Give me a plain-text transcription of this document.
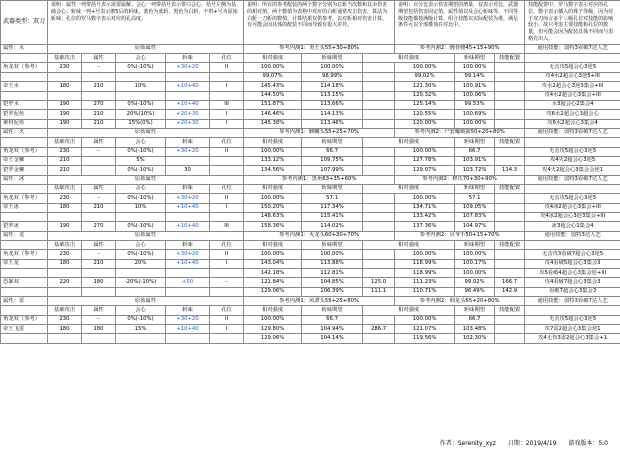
武器类型：双刀	说明：属性一列带括号表示需要属解；会心一列带括号表示带白会心，括号左侧为基础会心；斩味一列+号表示磨5后的斩味，蓝色为蓝斩，黑色为白斩，不带+号为原始斩味；孔位的罗马数字表示对应的孔高度。					说明：所有的参考配装的两个数字分别为总斩当次数和其余伤害的相对值，两个数值为表格中对应的白斩通常攻击伤害，算法为白斩一刀斩的数值，计算结果仅供参考，以对斩相对伤害计算，有可能会因具体的配装不同而导致有很大差异。			说明：百分比表示伤害期望的增量，仅表示对比，武器期望包括伤害固定值，属性值以及会心斩味等，不同等级技能都按满级计算，组合技能以实际配装为准，满足条件可以全部叠加在对比中。			技能配置中，罗马数字表示对应的孔位，数字表示插入的珠子等级，因为对于双刀而言多个三级孔位对技能的影响较小，故只考虑主要技能和孔位的数量，但可能会因为配装具体不同而与表格有出入。
属性：水	原始属性					参考内测1：炎王头55+30+80%			参考内测2：缠骨腰45+15+90%			通用技能：弱特3看破7达人艺
	基础攻击	属性	会心	斩味	孔位	相对强度	斩味期望	相对强度		斩味期望	技能配置	
角龙双（参考）	230	–	0%(-10%)	+30+20	II	100.00%	100.00%		100.00%	100.00%		无击攻5超会心3逆5
						99.07%	98.99%		99.02%	99.14%		攻4水2超会心3逆5+III
帝王水	180	210	10%	+10+40	I	145.43%	114.18%		121.30%	100.91%		攻水2超会心3逆3集会+III
						144.50%	113.15%		120.32%	100.06%		攻4水2超会心3集会+III
铠罗水	190	270	0%(-10%)	+10+40	III	151.87%	113.66%		125.14%	99.53%		水3超会心2集会4
铠罗泥鱼	190	210	20%(10%)	+20+30	I	146.46%	114.13%		120.55%	100.69%		攻6水2超会心3超会心
素材泥鱼	190	210	15%(0%)	+20+30	I	145.38%	113.46%		120.00%	100.00%		攻6水2超会心3集会4
属性：火	原始属性					参考内测1：麒麟头55+25+70%			参考内测2：尸套魔破箭50+20+80%			通用技能：弱特3看破7达人艺
	基础攻击	属性	会心	斩味	孔位	相对强度	斩味期望	相对强度		斩味期望	技能配置	
角龙双（参考）	230	–	0%(-10%)	+30+20	II	100.00%	66.7		100.00%	66.7		无击攻5超会心3逆5
帝王金狮	210		5%			133.12%	109.75%		127.78%	103.91%		攻4火2超会心3逆5
铠罗金狮	210		0%(-10%)	30		134.56%	107.99%		129.07%	103.72%	114.3	攻4火2超会心3集会会逆1
属性：冰	原始属性					参考内测1：黑角63+35+60%			参考内测2：修爪70+30+90%			通用技能：弱特3看破7达人艺
	基础攻击	属性	会心	斩味	孔位	相对强度	斩味期望	相对强度		斩味期望	技能配置	
角龙双（参考）	230	–	0%(-10%)	+30+20	II	100.00%	57.1		100.00%	57.1		无击攻5超会心3逆5
帝王冰	180	210	10%	+10+40	I	150.20%	117.34%		134.71%	109.05%		攻4冰2超会心3集会+III
						148.63%	115.41%		133.42%	107.83%		攻4冰2超会心3逆3集会+III
铠罗冰	190	270	0%(-10%)	+10+40	III	158.36%	114.02%		137.36%	104.97%		冰3超会心1集会4
属性：龙	原始属性					参考内测1：火龙头60+30+70%			参考内测2：贝爷手50+15+70%			通用技能：弱特3达人艺
	基础攻击	属性	会心	斩味	孔位	相对强度	斩味期望	相对强度		斩味期望	技能配置	
角龙双（参考）	230	–	0%(-10%)	+30+20	II	100.00%	100.00%		100.00%	100.00%		无击攻3看破7超会心3逆5
帝王龙	180	210	20%	+10+40	I	143.04%	113.88%		118.99%	100.17%		攻4看破5超会心3集会3
						142.18%	112.81%		118.99%	100.00%		攻5看破4超会心3集会逆+III
恐暴双	220	180	-20%(-10%)	+50	–	121.84%	104.85%	125.0	111.23%	99.02%	166.7	攻4看破7超会心3集会3
						129.06%	106.39%	111.1	110.71%	96.49%	142.9	看破7超会心3集会3
属性：雷	原始属性					参考内测1：风漂头55+25+80%			参考内测2：钢龙头55+20+80%			通用技能：弱特3看破7达人艺
	基础攻击	属性	会心	斩味	孔位	相对强度	斩味期望	相对强度		斩味期望	技能配置	
角龙双（参考）	230	–	0%(-10%)	+30+20	II	100.00%	66.7		100.00%	66.7		无击攻5超会心3逆5
帝王飞雷	180	180	15%	+10+40	I	129.80%	104.94%	286.7	121.07%	103.48%		攻7雷2超会心3集会逆1
						129.06%	104.14%		119.56%	102.30%		攻4无伤3雷2超会心3集会+1
作者：Serenity_xyz 日期：2019/4/19 游戏版本：5.0
